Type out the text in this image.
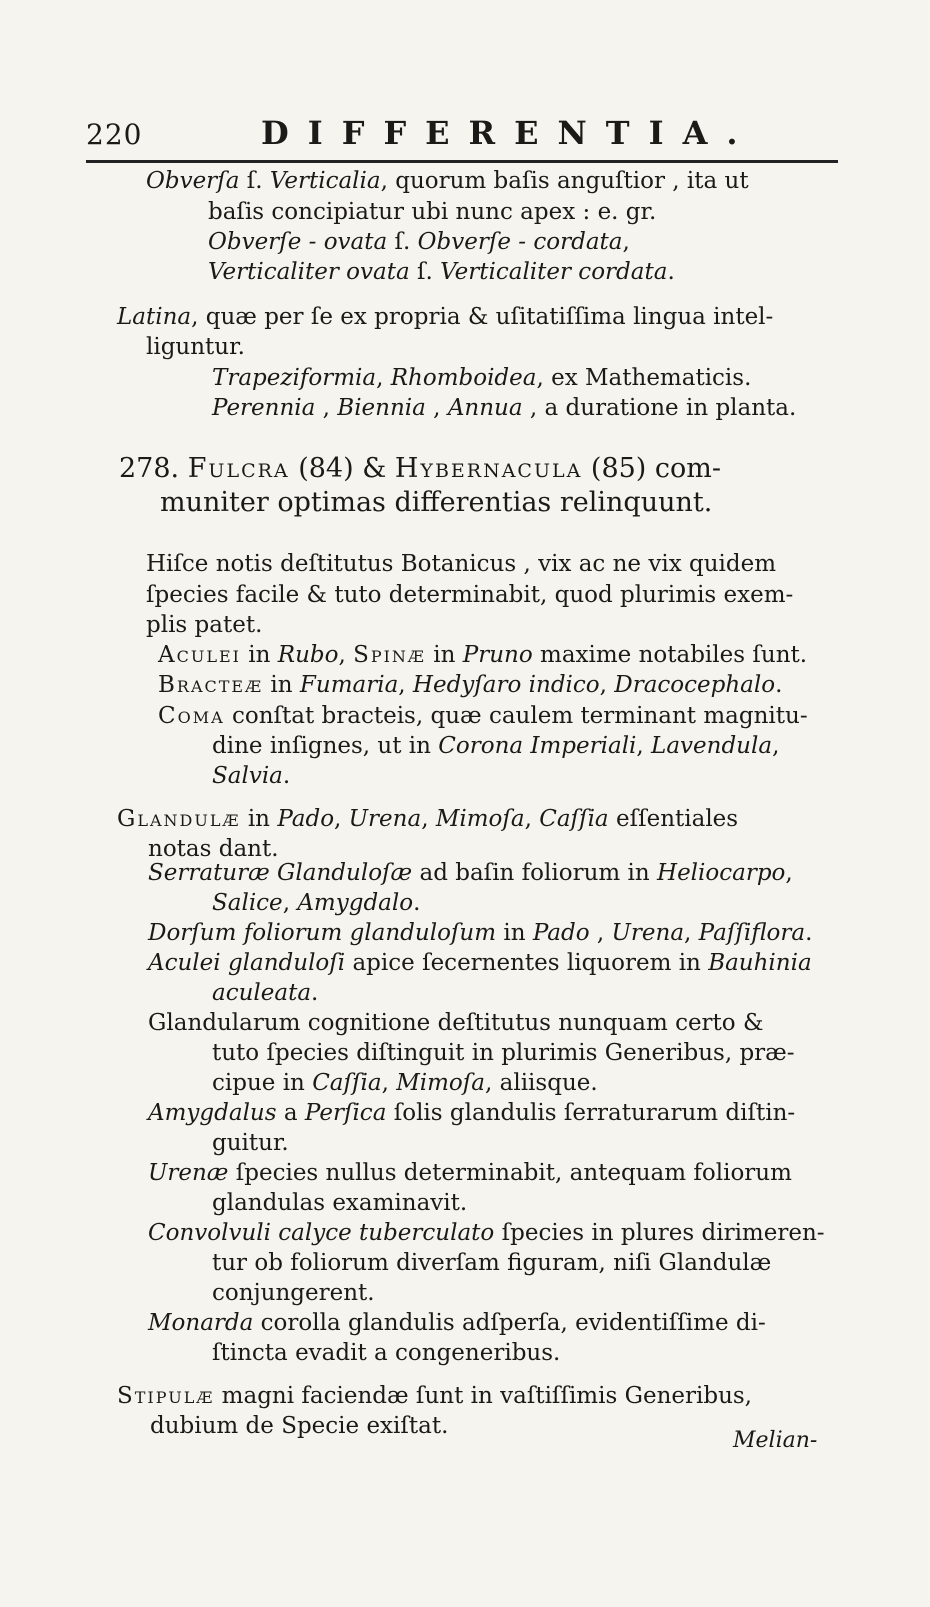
220	DIFFERENTIA.
Obverſa ſ. Verticalia, quorum baſis anguſtior , ita ut
baſis concipiatur ubi nunc apex : e. gr.
Obverſe - ovata ſ. Obverſe - cordata,
Verticaliter ovata ſ. Verticaliter cordata.
Latina, quæ per ſe ex propria & uſitatiſſima lingua intel-
liguntur.
Trapeziformia, Rhomboidea, ex Mathematicis.
Perennia , Biennia , Annua , a duratione in planta.
278. Fulcra (84) & Hybernacula (85) com-
muniter optimas differentias relinquunt.
Hiſce notis deſtitutus Botanicus , vix ac ne vix quidem
ſpecies facile & tuto determinabit, quod plurimis exem-
plis patet.
Aculei in Rubo, Spinæ in Pruno maxime notabiles ſunt.
Bracteæ in Fumaria, Hedyſaro indico, Dracocephalo.
Coma conſtat bracteis, quæ caulem terminant magnitu-
dine inſignes, ut in Corona Imperiali, Lavendula,
Salvia.
Glandulæ in Pado, Urena, Mimoſa, Caſſia eſſentiales
notas dant.
Serraturæ Glanduloſæ ad baſin foliorum in Heliocarpo,
Salice, Amygdalo.
Dorſum foliorum glanduloſum in Pado , Urena, Paſſiflora.
Aculei glanduloſi apice ſecernentes liquorem in Bauhinia
aculeata.
Glandularum cognitione deſtitutus nunquam certo &
tuto ſpecies diſtinguit in plurimis Generibus, præ-
cipue in Caſſia, Mimoſa, aliisque.
Amygdalus a Perſica ſolis glandulis ſerraturarum diſtin-
guitur.
Urenæ ſpecies nullus determinabit, antequam foliorum
glandulas examinavit.
Convolvuli calyce tuberculato ſpecies in plures dirimeren-
tur ob foliorum diverſam figuram, niſi Glandulæ
conjungerent.
Monarda corolla glandulis adſperſa, evidentiſſime di-
ſtincta evadit a congeneribus.
Stipulæ magni faciendæ ſunt in vaſtiſſimis Generibus,
dubium de Specie exiſtat.
Melian-
